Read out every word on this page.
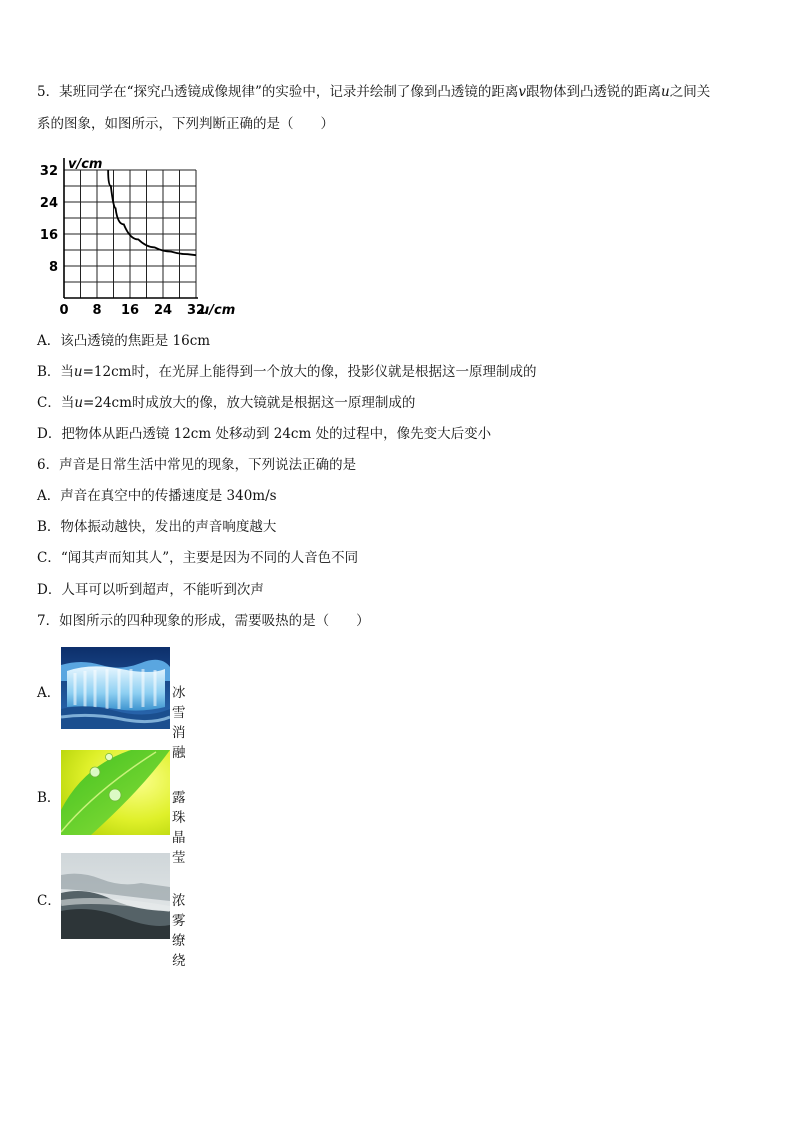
5．某班同学在“探究凸透镜成像规律”的实验中，记录并绘制了像到凸透镜的距离v跟物体到凸透锐的距离u之间关
系的图象，如图所示，下列判断正确的是（　　）
0 8 16 24 32
8
16
24
32
u/cm
v/cm
A．该凸透镜的焦距是 16cm
B．当u=12cm时，在光屏上能得到一个放大的像，投影仪就是根据这一原理制成的
C．当u=24cm时成放大的像，放大镜就是根据这一原理制成的
D．把物体从距凸透镜 12cm 处移动到 24cm 处的过程中，像先变大后变小
6．声音是日常生活中常见的现象，下列说法正确的是
A．声音在真空中的传播速度是 340m/s
B．物体振动越快，发出的声音响度越大
C．“闻其声而知其人”，主要是因为不同的人音色不同
D．人耳可以听到超声，不能听到次声
7．如图所示的四种现象的形成，需要吸热的是（　　）
A．	冰雪消融
B．	露珠晶莹
C．	浓雾缭绕
